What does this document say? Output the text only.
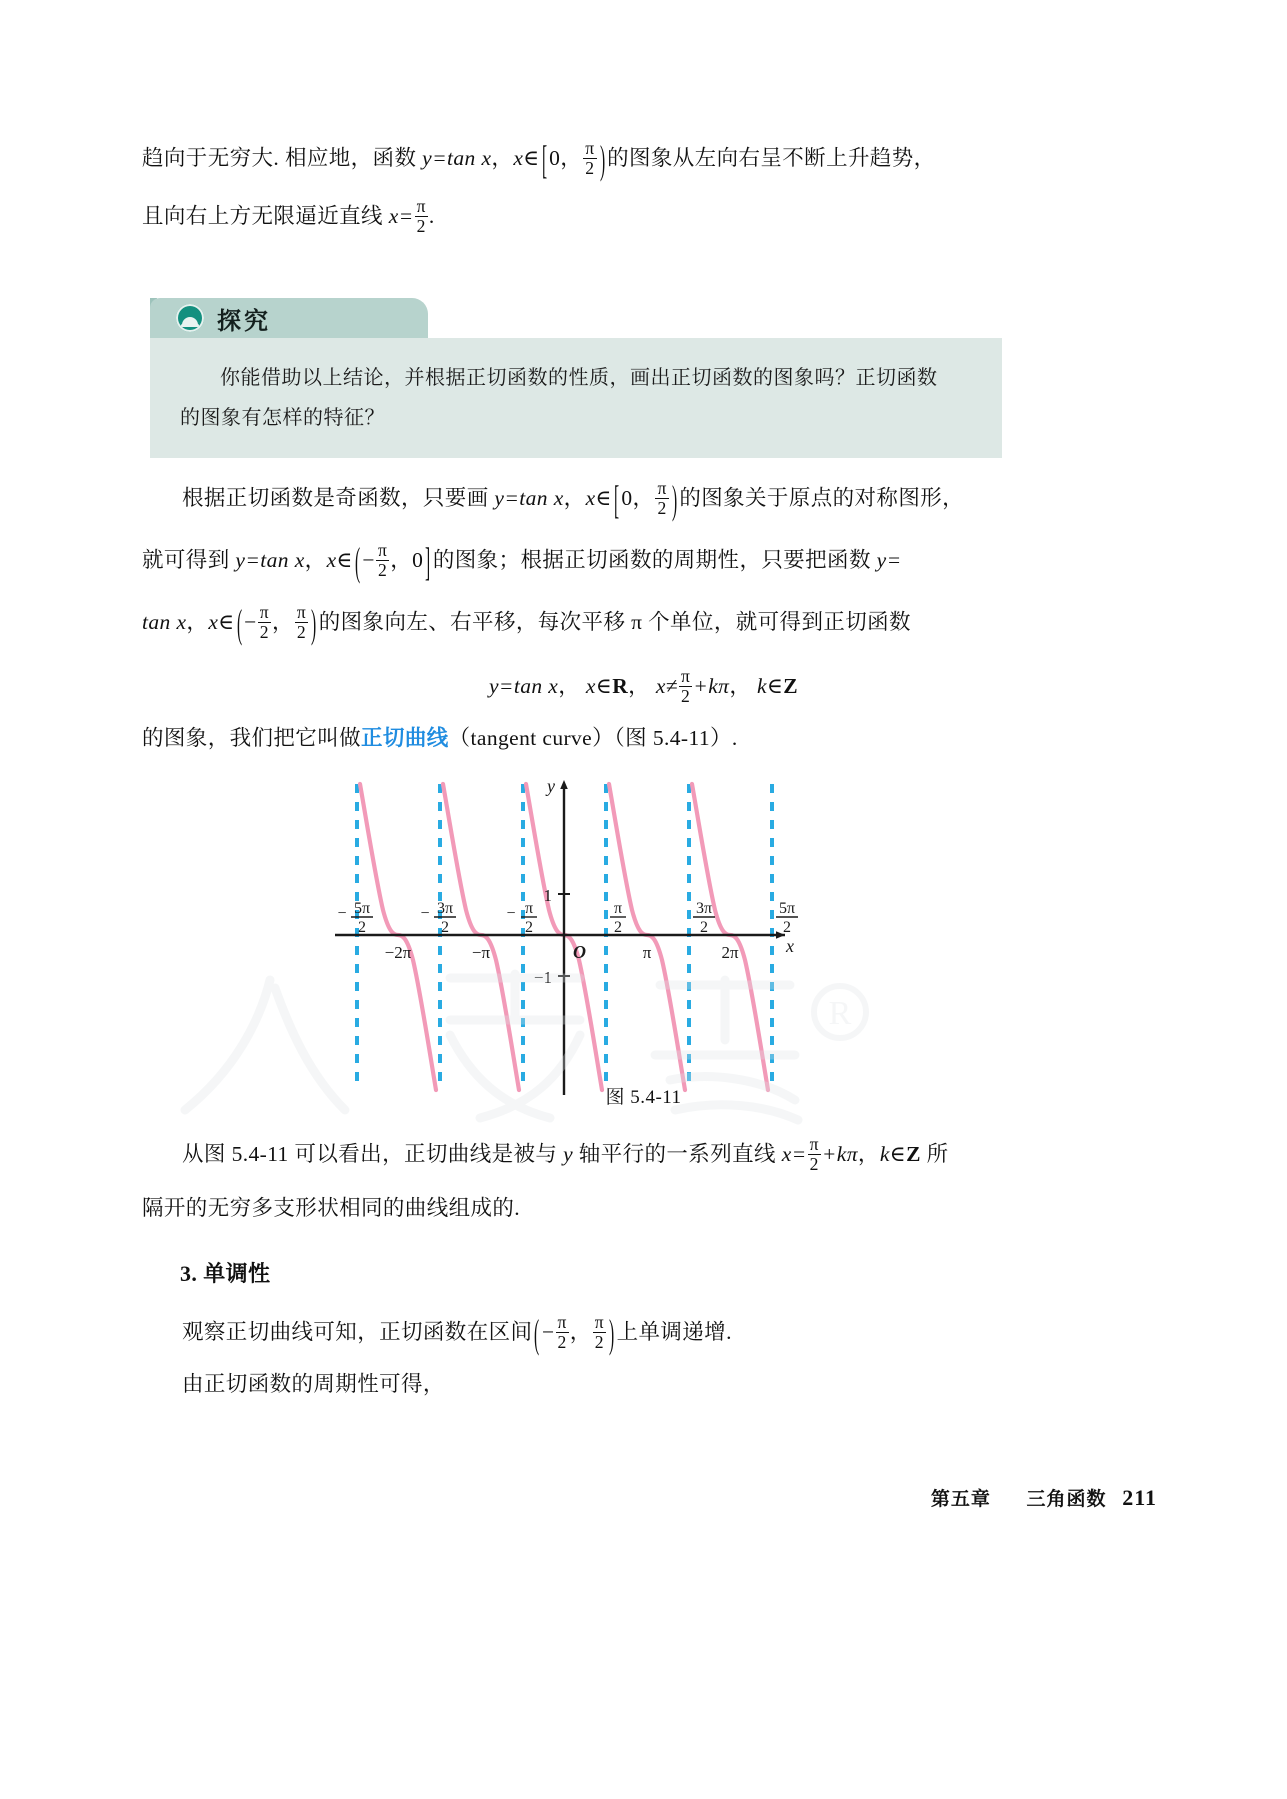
趋向于无穷大. 相应地，函数 y=tan x，x∈[0， $\frac{\pi}{2}$ )的图象从左向右呈不断上升趋势，
且向右上方无限逼近直线 $x= \frac{\pi}{2}$ .
探究

你能借助以上结论，并根据正切函数的性质，画出正切函数的图象吗？正切函数

的图象有怎样的特征？

根据正切函数是奇函数，只要画 y=tan x，x∈[0， $\frac{\pi}{2}$ )的图象关于原点的对称图形，
就可得到 y=tan x，x∈(− $\frac{\pi}{2}$ ，0]的图象；根据正切函数的周期性，只要把函数 y=
tan x，x∈(− $\frac{\pi}{2}$ ， $\frac{\pi}{2}$ )的图象向左、右平移，每次平移 π 个单位，就可得到正切函数
y=tan x， x∈R， $x\ne \frac{\pi}{2} +k\pi$， k∈Z
的图象，我们把它叫做正切曲线（tangent curve）（图 5.4-11）.
y
x
O
1
−1
− 5π
2
− 3π
2
− π
2
π
2
3π
2
5π
2
−2π	−π	π	2π
R
图 5.4-11
从图 5.4-11 可以看出，正切曲线是被与 y 轴平行的一系列直线 $x= \frac{\pi}{2} +k\pi$，k∈Z 所
隔开的无穷多支形状相同的曲线组成的.
3. 单调性
观察正切曲线可知，正切函数在区间(− $\frac{\pi}{2}$ ， $\frac{\pi}{2}$ )上单调递增.
由正切函数的周期性可得，
第五章 三角函数 211
